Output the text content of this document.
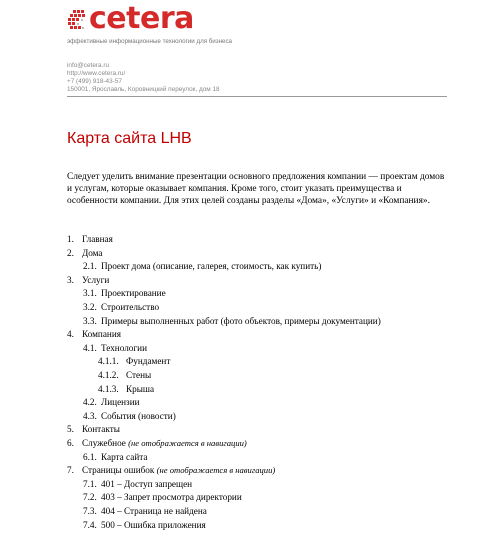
cetera
эффективные информационные технологии для бизнеса
info@cetera.ru
http://www.cetera.ru/
+7 (499) 918-43-57
150001, Ярославль, Коровницкий переулок, дом 18
Карта сайта LHB
Следует уделить внимание презентации основного предложения компании — проектам домов и услугам, которые оказывает компания. Кроме того, стоит указать преимущества и особенности компании. Для этих целей созданы разделы «Дома», «Услуги» и «Компания».
1. Главная
2. Дома
2.1. Проект дома (описание, галерея, стоимость, как купить)
3. Услуги
3.1. Проектирование
3.2. Строительство
3.3. Примеры выполненных работ (фото объектов, примеры документации)
4. Компания
4.1. Технологии
4.1.1. Фундамент
4.1.2. Стены
4.1.3. Крыша
4.2. Лицензии
4.3. События (новости)
5. Контакты
6. Служебное (не отображается в навигации)
6.1. Карта сайта
7. Страницы ошибок (не отображается в навигации)
7.1. 401 – Доступ запрещен
7.2. 403 – Запрет просмотра директории
7.3. 404 – Страница не найдена
7.4. 500 – Ошибка приложения
